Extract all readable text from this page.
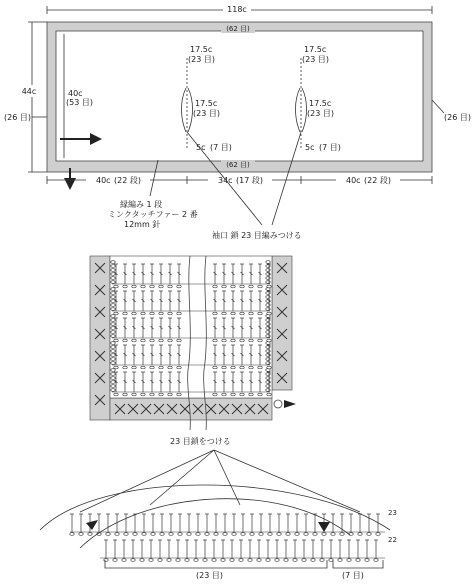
118c
(62 目)
(62 目)
44c
(26 目)	(26 目)
40c
(53 目)
17.5c
(23 目)
17.5c
(23 目)
5c (7 目)
17.5c
(23 目)
17.5c
(23 目)
5c (7 目)
40c (22 段)	34c (17 段)	40c (22 段)
縁編み 1 段
ミンクタッチファー 2 番
12mm 針
袖口 鎖 23 目編みつける
23 目鎖をつける
23
22
(23 目)	(7 目)
